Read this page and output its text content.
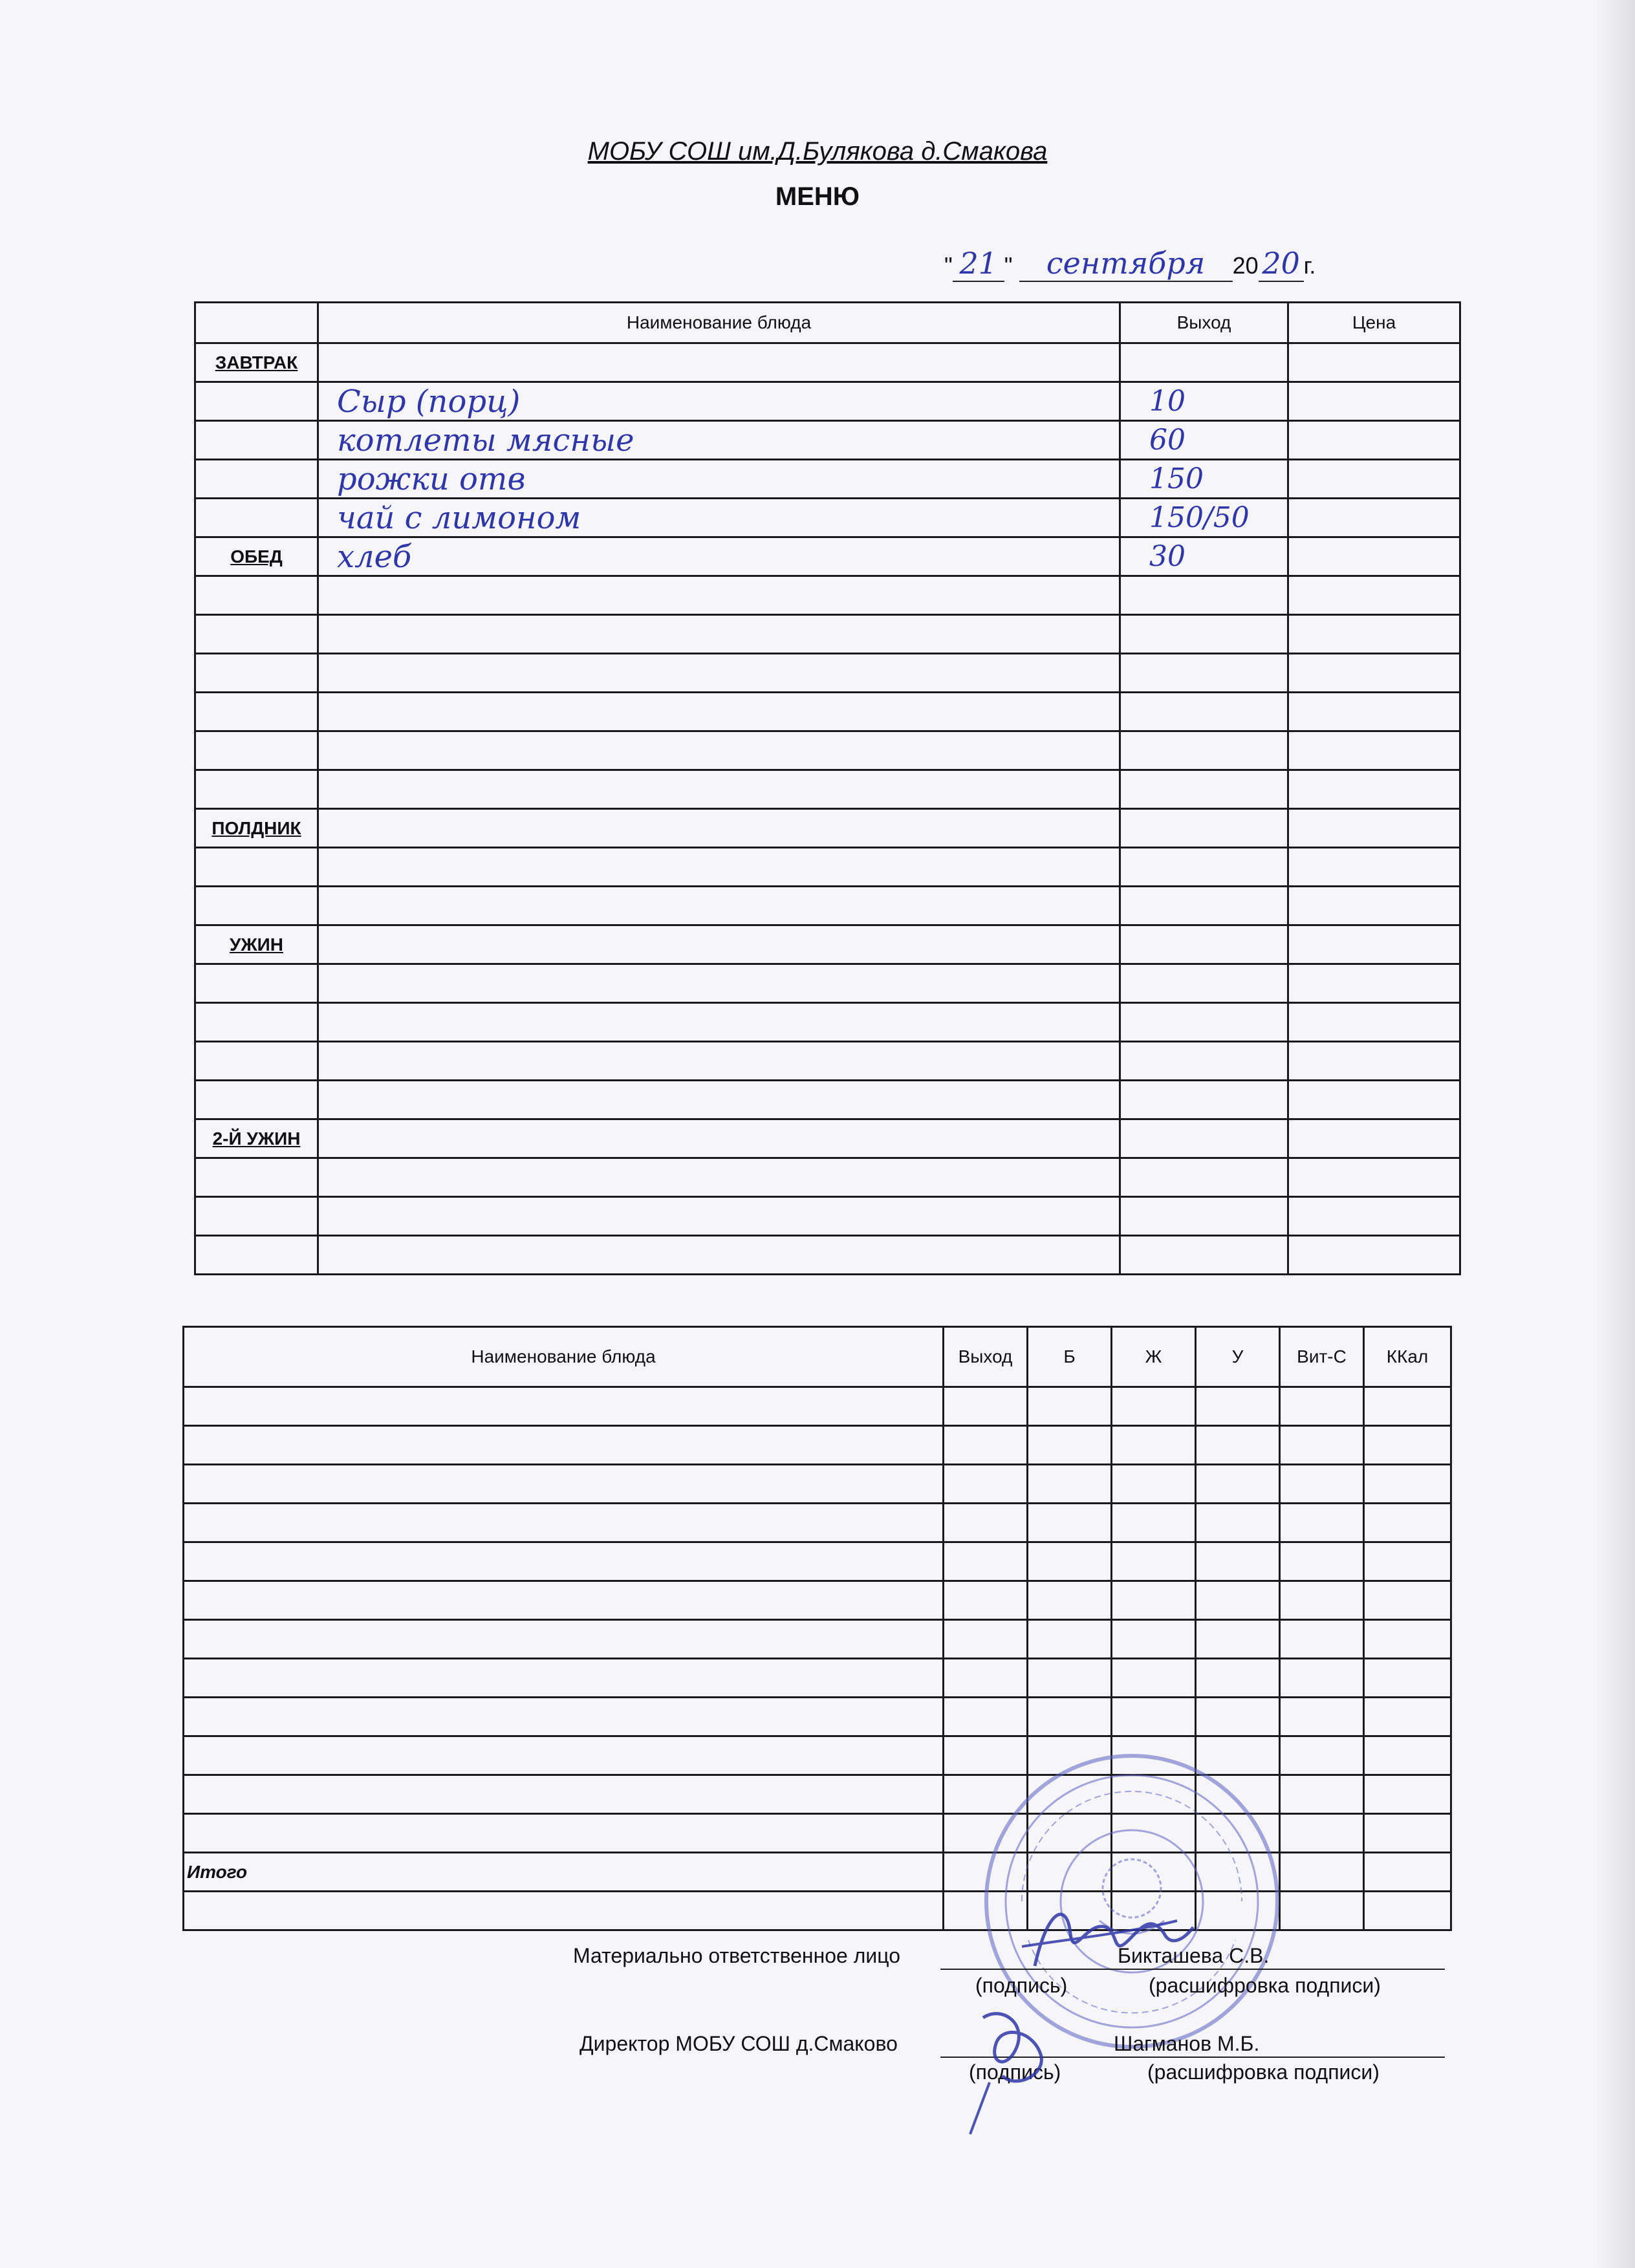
МОБУ СОШ им.Д.Булякова д.Смакова
МЕНЮ
" 21 " сентября 20 20 г.
	Наименование блюда	Выход	Цена
ЗАВТРАК			
	Сыр (порц)	10	
	котлеты мясные	60	
	рожки отв	150	
	чай с лимоном	150/50	
ОБЕД	хлеб	30	

ПОЛДНИК			

УЖИН			

2-Й УЖИН			

Наименование блюда	Выход	Б	Ж	У	Вит-С	ККал

Итого						

Материально ответственное лицо	Бикташева С.В.
(подпись)	(расшифровка подписи)
Директор МОБУ СОШ д.Смаково	Шагманов М.Б.
(подпись)	(расшифровка подписи)
